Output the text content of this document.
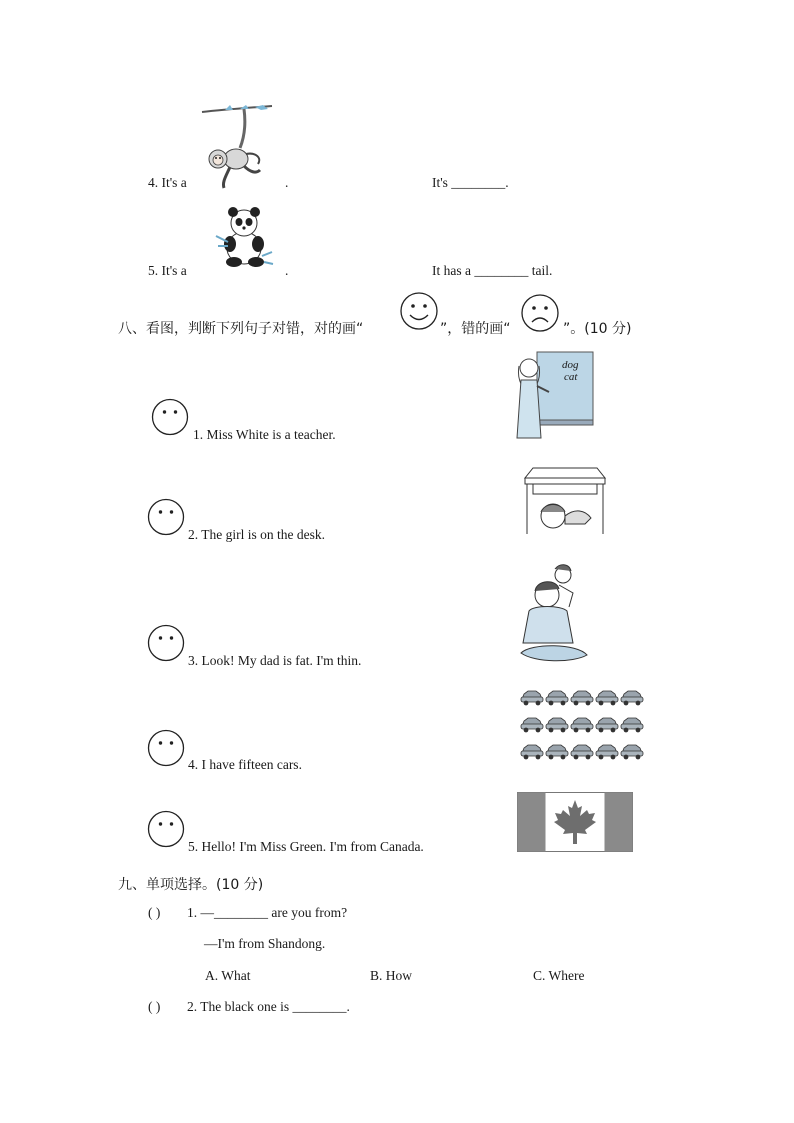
4. It's a	.	It's ________.
5. It's a	.	It has a ________ tail.
八、看图，判断下列句子对错，对的画“	”，错的画“	”。(10 分)
1. Miss White is a teacher.
dog
cat
2. The girl is on the desk.
3. Look! My dad is fat. I'm thin.
4. I have fifteen cars.
5. Hello! I'm Miss Green. I'm from Canada.
九、单项选择。(10 分)
( ) 1. —________ are you from?
—I'm from Shandong.
A. What	B. How	C. Where
( ) 2. The black one is ________.
